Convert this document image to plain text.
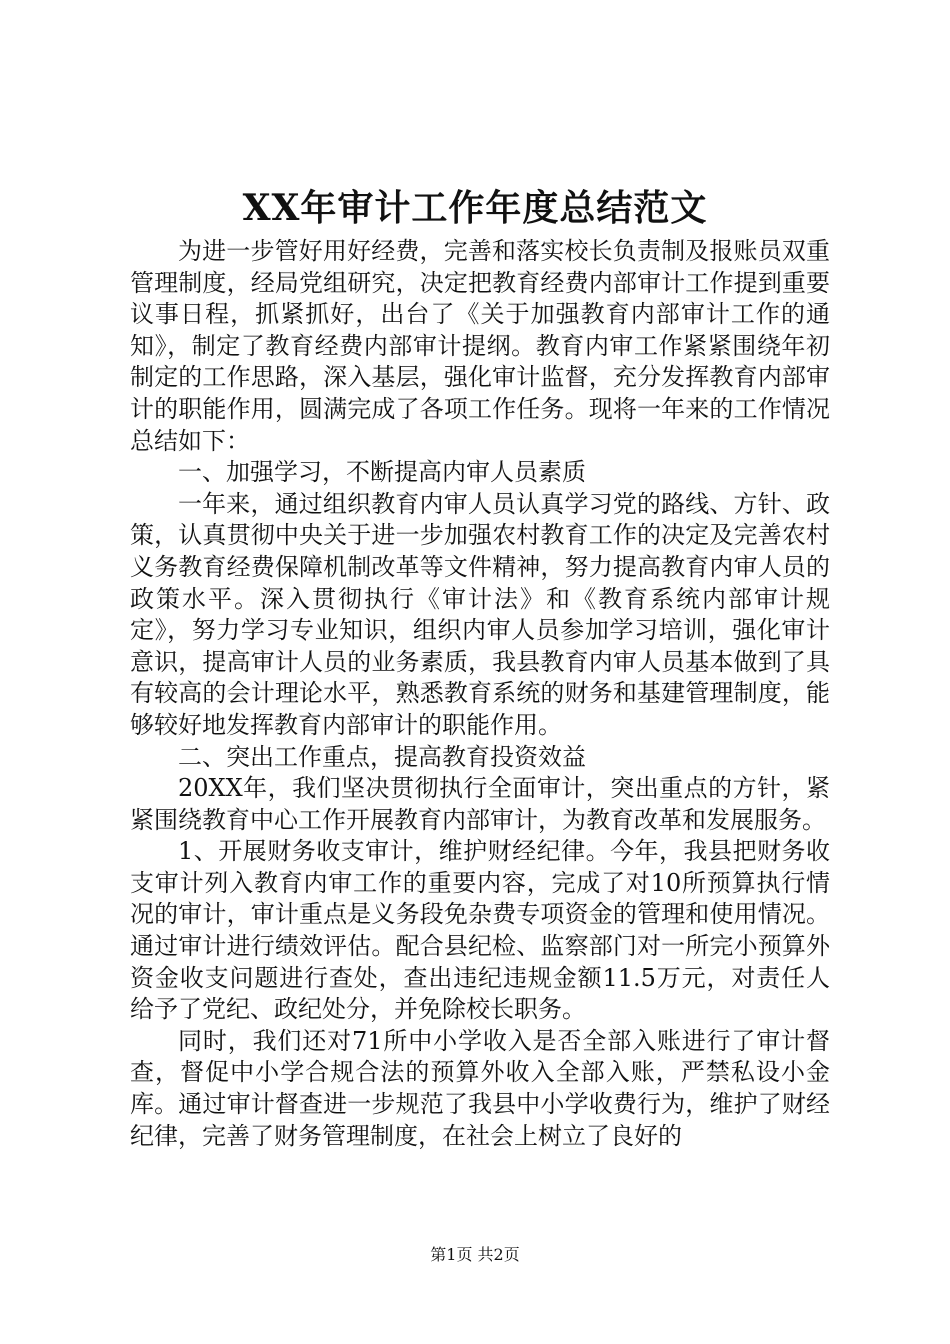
XX年审计工作年度总结范文

为进一步管好用好经费，完善和落实校长负责制及报账员双重管理制度，经局党组研究，决定把教育经费内部审计工作提到重要议事日程，抓紧抓好，出台了《关于加强教育内部审计工作的通知》，制定了教育经费内部审计提纲。教育内审工作紧紧围绕年初制定的工作思路，深入基层，强化审计监督，充分发挥教育内部审计的职能作用，圆满完成了各项工作任务。现将一年来的工作情况总结如下：

一、加强学习，不断提高内审人员素质

一年来，通过组织教育内审人员认真学习党的路线、方针、政策，认真贯彻中央关于进一步加强农村教育工作的决定及完善农村义务教育经费保障机制改革等文件精神，努力提高教育内审人员的政策水平。深入贯彻执行《审计法》和《教育系统内部审计规定》，努力学习专业知识，组织内审人员参加学习培训，强化审计意识，提高审计人员的业务素质，我县教育内审人员基本做到了具有较高的会计理论水平，熟悉教育系统的财务和基建管理制度，能够较好地发挥教育内部审计的职能作用。

二、突出工作重点，提高教育投资效益

20XX年，我们坚决贯彻执行全面审计，突出重点的方针，紧紧围绕教育中心工作开展教育内部审计，为教育改革和发展服务。

1、开展财务收支审计，维护财经纪律。今年，我县把财务收支审计列入教育内审工作的重要内容，完成了对10所预算执行情况的审计，审计重点是义务段免杂费专项资金的管理和使用情况。通过审计进行绩效评估。配合县纪检、监察部门对一所完小预算外资金收支问题进行查处，查出违纪违规金额11.5万元，对责任人给予了党纪、政纪处分，并免除校长职务。

同时，我们还对71所中小学收入是否全部入账进行了审计督查，督促中小学合规合法的预算外收入全部入账，严禁私设小金库。通过审计督查进一步规范了我县中小学收费行为，维护了财经纪律，完善了财务管理制度，在社会上树立了良好的

第1页 共2页
